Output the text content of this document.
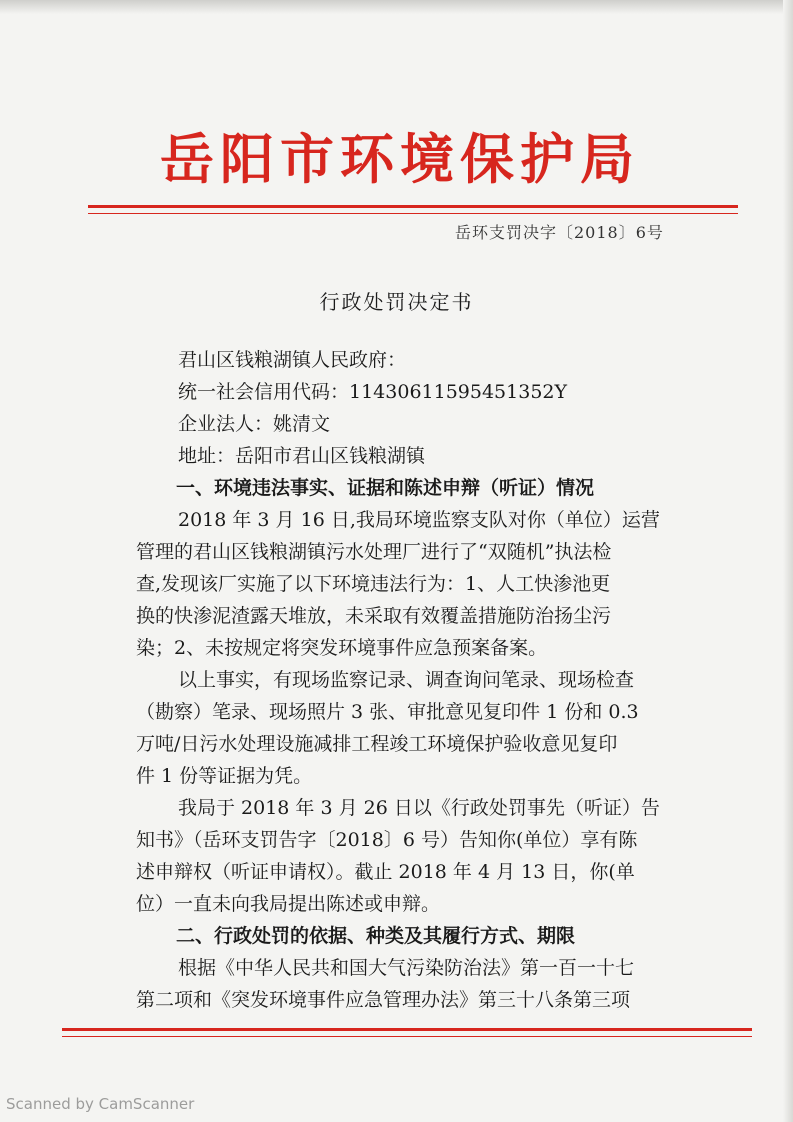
岳阳市环境保护局
岳环支罚决字〔2018〕6号
行政处罚决定书
君山区钱粮湖镇人民政府：
统一社会信用代码：11430611595451352Y
企业法人：姚清文
地址：岳阳市君山区钱粮湖镇
一、环境违法事实、证据和陈述申辩（听证）情况
2018 年 3 月 16 日,我局环境监察支队对你（单位）运营
管理的君山区钱粮湖镇污水处理厂进行了“双随机”执法检
查,发现该厂实施了以下环境违法行为：1、人工快渗池更
换的快渗泥渣露天堆放，未采取有效覆盖措施防治扬尘污
染；2、未按规定将突发环境事件应急预案备案。
以上事实，有现场监察记录、调查询问笔录、现场检查
（勘察）笔录、现场照片 3 张、审批意见复印件 1 份和 0.3
万吨/日污水处理设施减排工程竣工环境保护验收意见复印
件 1 份等证据为凭。
我局于 2018 年 3 月 26 日以《行政处罚事先（听证）告
知书》（岳环支罚告字〔2018〕6 号）告知你(单位）享有陈
述申辩权（听证申请权）。截止 2018 年 4 月 13 日，你(单
位）一直未向我局提出陈述或申辩。
二、行政处罚的依据、种类及其履行方式、期限
根据《中华人民共和国大气污染防治法》第一百一十七
第二项和《突发环境事件应急管理办法》第三十八条第三项
Scanned by CamScanner
